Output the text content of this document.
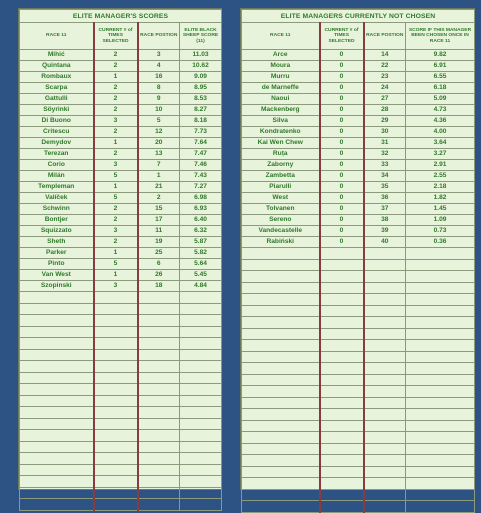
ELITE MANAGER'S SCORES			
RACE 11	CURRENT # of TIMES SELECTED	RACE POSTION	ELITE BLACK SHEEP SCORE (11)
Mihić	2	3	11.03
Quintana	2	4	10.62
Rombaux	1	16	9.09
Scarpa	2	8	8.95
Gattulli	2	9	8.53
Söyrinki	2	10	8.27
Di Buono	3	5	8.18
Critescu	2	12	7.73
Demydov	1	20	7.64
Terezan	2	13	7.47
Corio	3	7	7.46
Milán	5	1	7.43
Templeman	1	21	7.27
Valíček	5	2	6.98
Schwinn	2	15	6.93
Bontjer	2	17	6.40
Squizzato	3	11	6.32
Sheth	2	19	5.87
Parker	1	25	5.82
Pinto	5	6	5.64
Van West	1	26	5.45
Szopinski	3	18	4.84

ELITE MANAGERS CURRENTLY NOT CHOSEN			
RACE 11	CURRENT # of TIMES SELECTED	RACE POSTION	SCORE IF THIS MANAGER BEEN CHOSEN ONCE IN RACE 11
Arce	0	14	9.82
Moura	0	22	6.91
Murru	0	23	6.55
de Marneffe	0	24	6.18
Naoui	0	27	5.09
Mackenberg	0	28	4.73
Silva	0	29	4.36
Kondratenko	0	30	4.00
Kai Wen Chew	0	31	3.64
Ruța	0	32	3.27
Zaborny	0	33	2.91
Zambetta	0	34	2.55
Piarulli	0	35	2.18
West	0	36	1.82
Tolvanen	0	37	1.45
Sereno	0	38	1.09
Vandecastelle	0	39	0.73
Rabiński	0	40	0.36
